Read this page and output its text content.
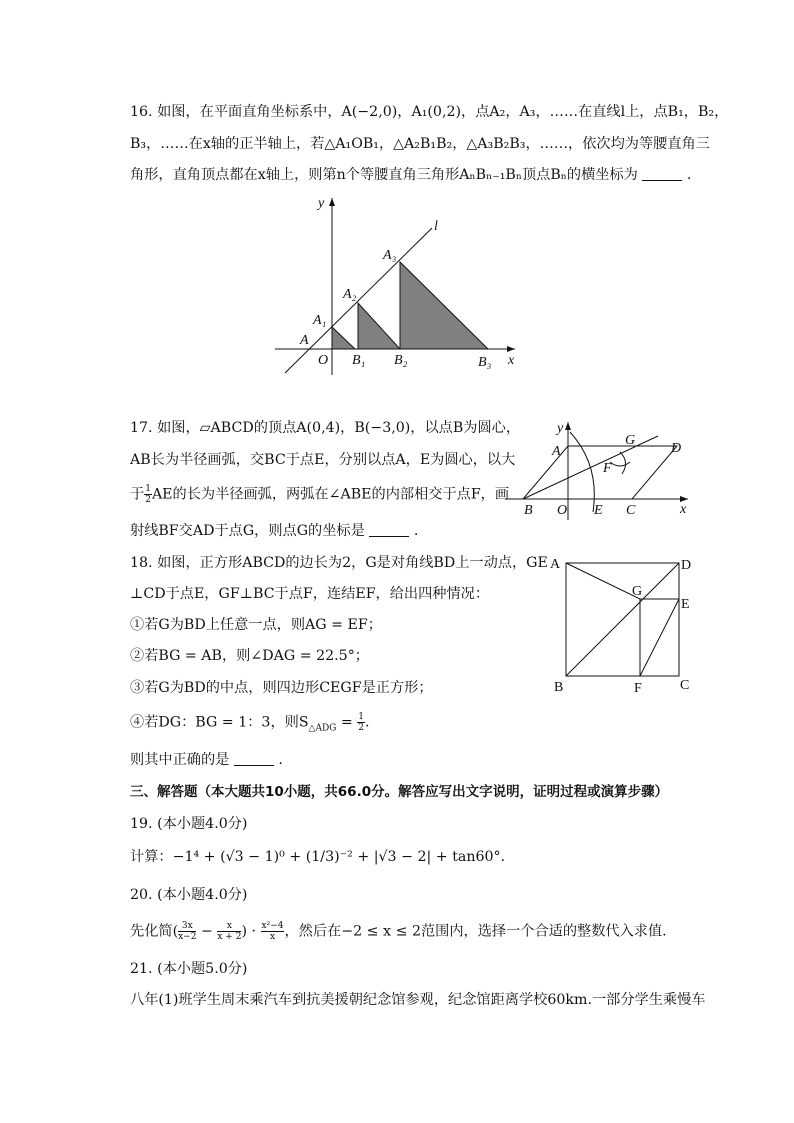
16. 如图，在平面直角坐标系中，A(−2,0)，A₁(0,2)，点A₂，A₃，……在直线l上，点B₁，B₂，
B₃，……在x轴的正半轴上，若△A₁OB₁，△A₂B₁B₂，△A₃B₂B₃，……，依次均为等腰直角三
角形，直角顶点都在x轴上，则第n个等腰直角三角形AₙBₙ₋₁Bₙ顶点Bₙ的横坐标为	.
y
l
A₃
A₂
A₁
A
O B₁ B₂	B₃ x
17. 如图，▱ABCD的顶点A(0,4)，B(−3,0)，以点B为圆心，
AB长为半径画弧，交BC于点E，分别以点A，E为圆心，以大
于 $\frac{1}{2}$ AE的长为半径画弧，两弧在∠ABE的内部相交于点F，画
射线BF交AD于点G，则点G的坐标是	.
y
A
G
D
F
B O E C	x
18. 如图，正方形ABCD的边长为2，G是对角线BD上一动点，GE
⊥CD于点E，GF⊥BC于点F，连结EF，给出四种情况：
①若G为BD上任意一点，则AG = EF；
②若BG = AB，则∠DAG = 22.5°；
③若G为BD的中点，则四边形CEGF是正方形；
④若DG：BG = 1：3，则$S_{\triangle ADG} = \frac{1}{2}$ .
则其中正确的是	.
A	D
G
E
B	F	C
三、解答题（本大题共10小题，共66.0分。解答应写出文字说明，证明过程或演算步骤）
19. (本小题4.0分)
计算：−1⁴ + (√3 − 1)⁰ + (1/3)⁻² + |√3 − 2| + tan60°.
20. (本小题4.0分)
先化简( $\frac{3x}{x-2} - \frac{x}{x + 2}$ ) · $\frac{\text{x²−4}}{x}$ ，然后在−2 ≤ x ≤ 2范围内，选择一个合适的整数代入求值.
21. (本小题5.0分)
八年(1)班学生周末乘汽车到抗美援朝纪念馆参观，纪念馆距离学校60km.一部分学生乘慢车
